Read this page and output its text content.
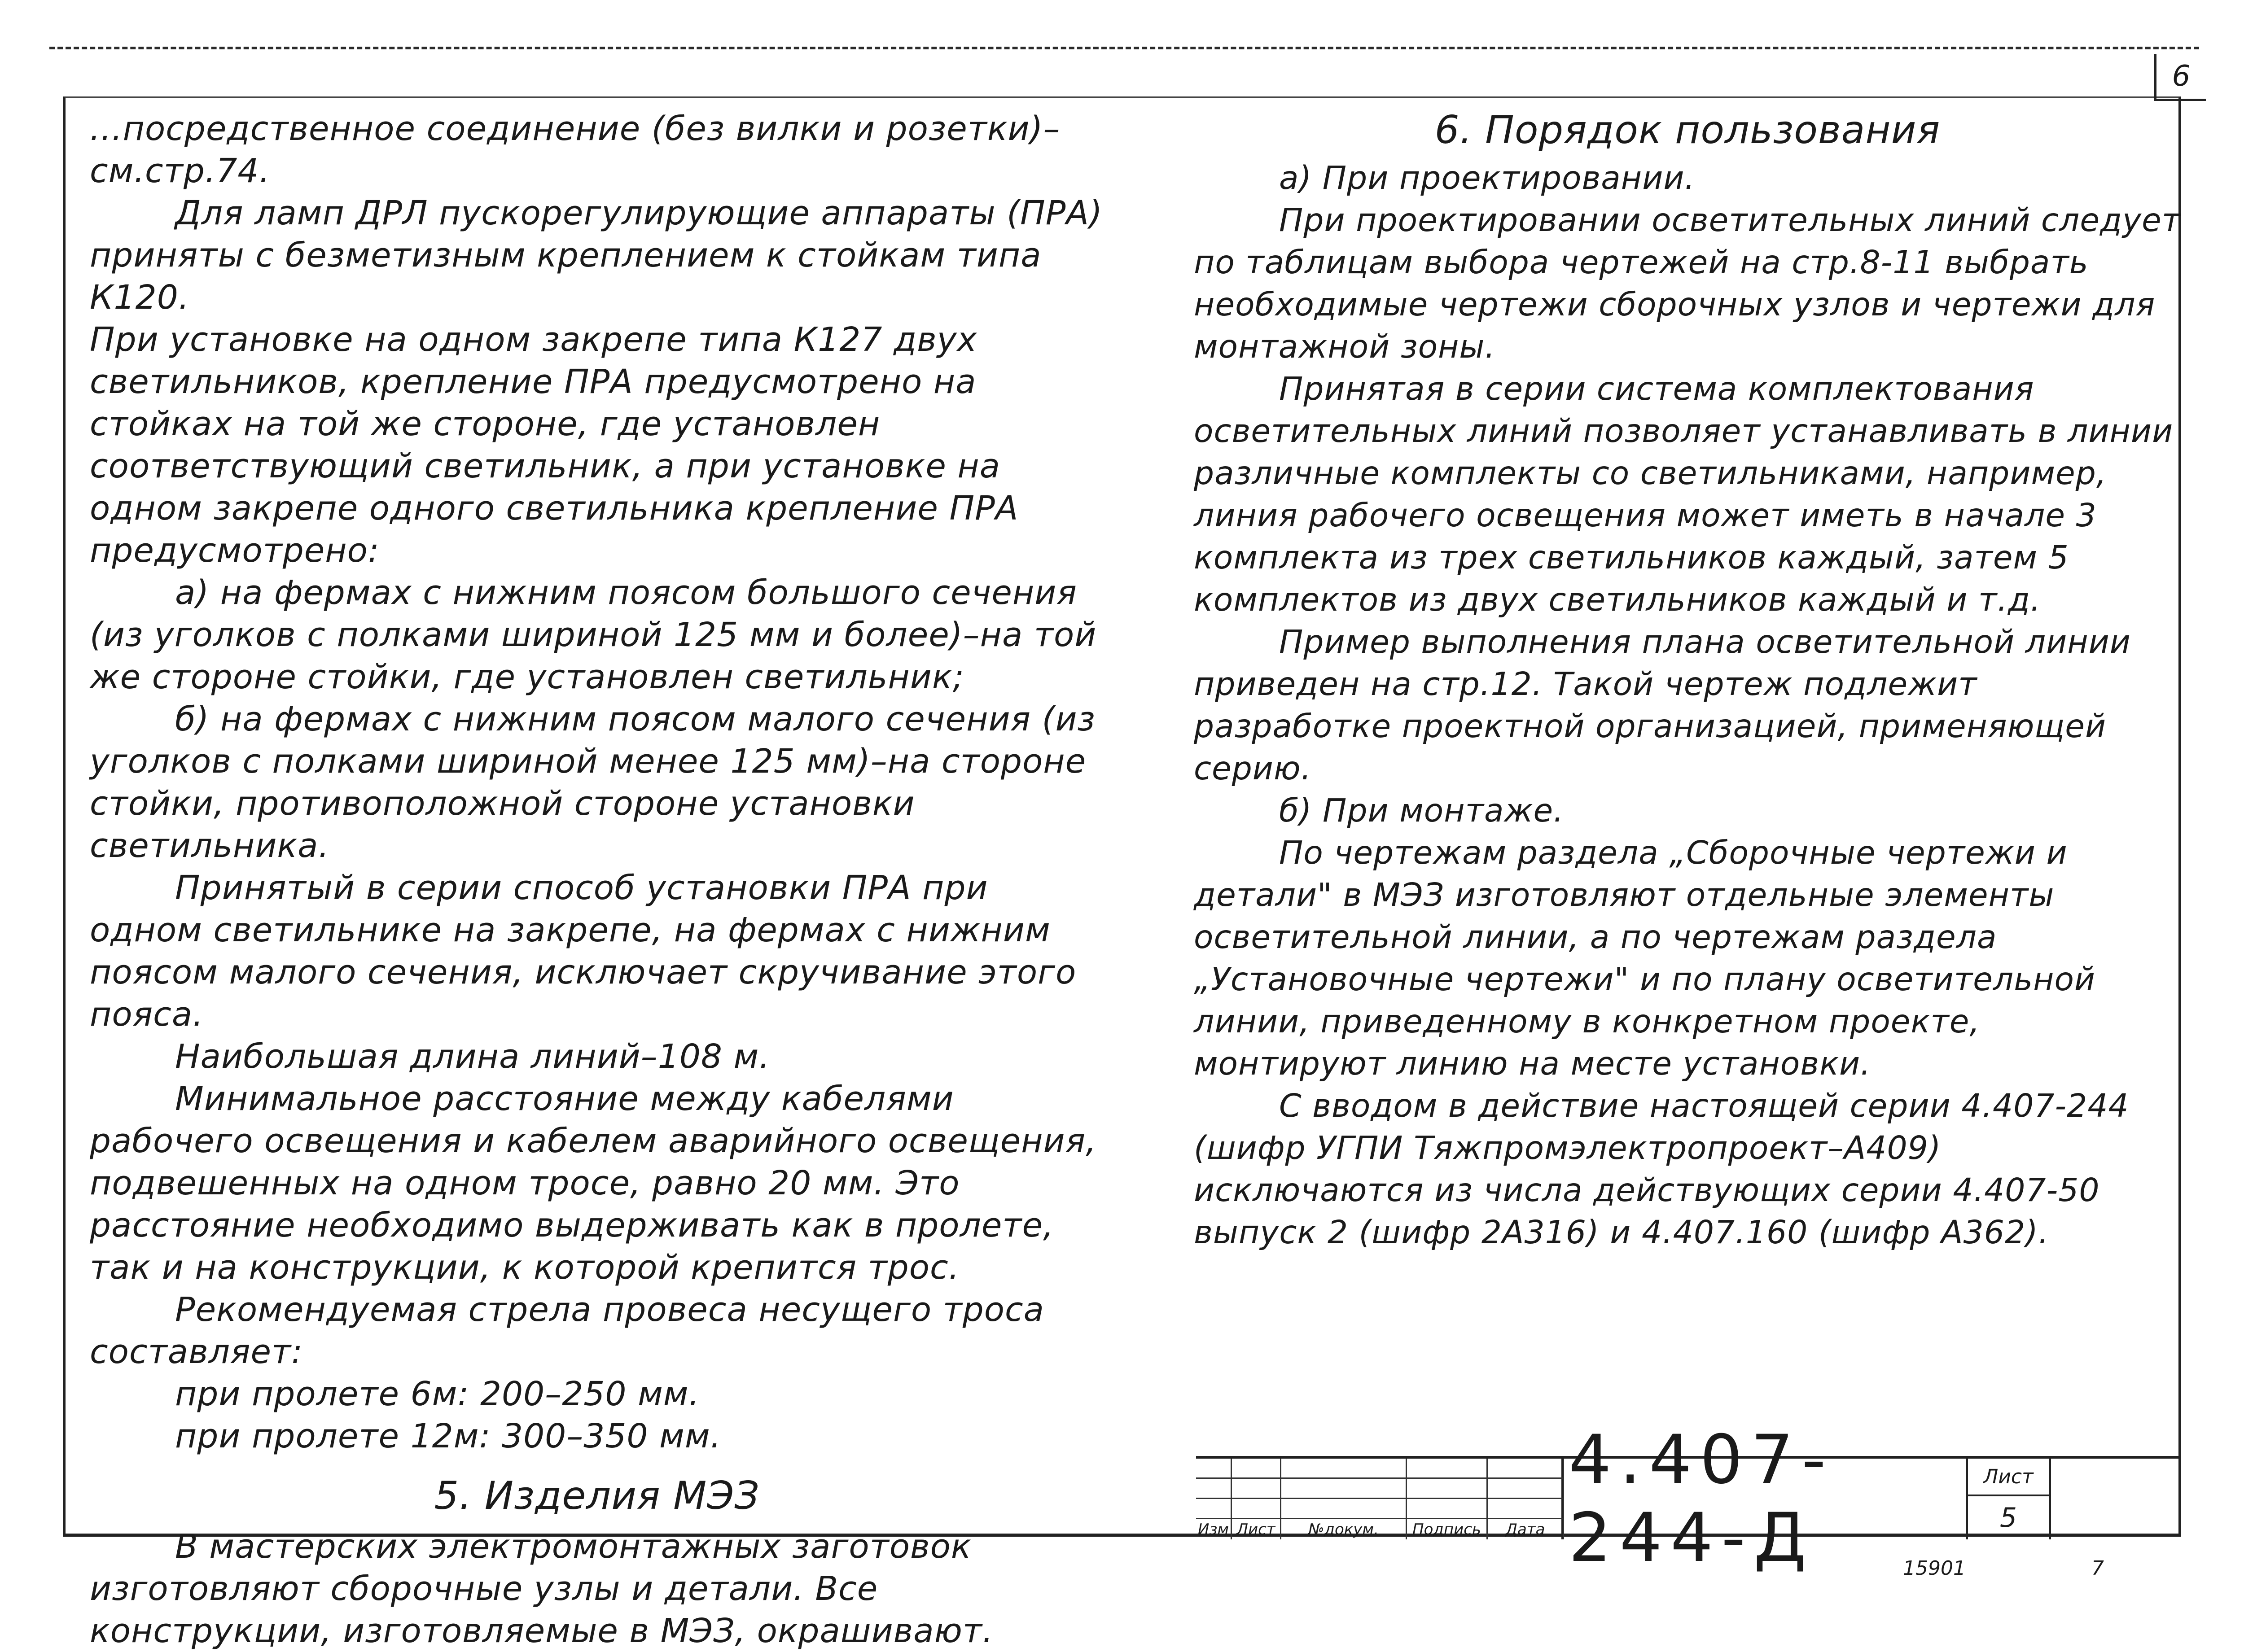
6

...посредственное соединение (без вилки и розетки)–см.стр.74.

Для ламп ДРЛ пускорегулирующие аппараты (ПРА) приняты с безметизным креплением к стойкам типа К120.

При установке на одном закрепе типа К127 двух светильников, крепление ПРА предусмотрено на стойках на той же стороне, где установлен соответствующий светильник, а при установке на одном закрепе одного светильника крепление ПРА предусмотрено:

а) на фермах с нижним поясом большого сечения (из уголков с полками шириной 125 мм и более)–на той же стороне стойки, где установлен светильник;

б) на фермах с нижним поясом малого сечения (из уголков с полками шириной менее 125 мм)–на стороне стойки, противоположной стороне установки светильника.

Принятый в серии способ установки ПРА при одном светильнике на закрепе, на фермах с нижним поясом малого сечения, исключает скручивание этого пояса.

Наибольшая длина линий–108 м.

Минимальное расстояние между кабелями рабочего освещения и кабелем аварийного освещения, подвешенных на одном тросе, равно 20 мм. Это расстояние необходимо выдерживать как в пролете, так и на конструкции, к которой крепится трос.

Рекомендуемая стрела провеса несущего троса составляет:

при пролете 6м: 200–250 мм.

при пролете 12м: 300–350 мм.

5. Изделия МЭЗ

В мастерских электромонтажных заготовок изготовляют сборочные узлы и детали. Все конструкции, изготовляемые в МЭЗ, окрашивают.

6. Порядок пользования

а) При проектировании.

При проектировании осветительных линий следует по таблицам выбора чертежей на стр.8-11 выбрать необходимые чертежи сборочных узлов и чертежи для монтажной зоны.

Принятая в серии система комплектования осветительных линий позволяет устанавливать в линии различные комплекты со светильниками, например, линия рабочего освещения может иметь в начале 3 комплекта из трех светильников каждый, затем 5 комплектов из двух светильников каждый и т.д.

Пример выполнения плана осветительной линии приведен на стр.12. Такой чертеж подлежит разработке проектной организацией, применяющей серию.

б) При монтаже.

По чертежам раздела „Сборочные чертежи и детали" в МЭЗ изготовляют отдельные элементы осветительной линии, а по чертежам раздела „Установочные чертежи" и по плану осветительной линии, приведенному в конкретном проекте, монтируют линию на месте установки.

С вводом в действие настоящей серии 4.407-244 (шифр УГПИ Тяжпромэлектропроект–А409) исключаются из числа действующих серии 4.407-50 выпуск 2 (шифр 2А316) и 4.407.160 (шифр А362).

Изм Лист	№докум.	Подпись	Дата
4.407-244-Д
Лист
5
15901	7
